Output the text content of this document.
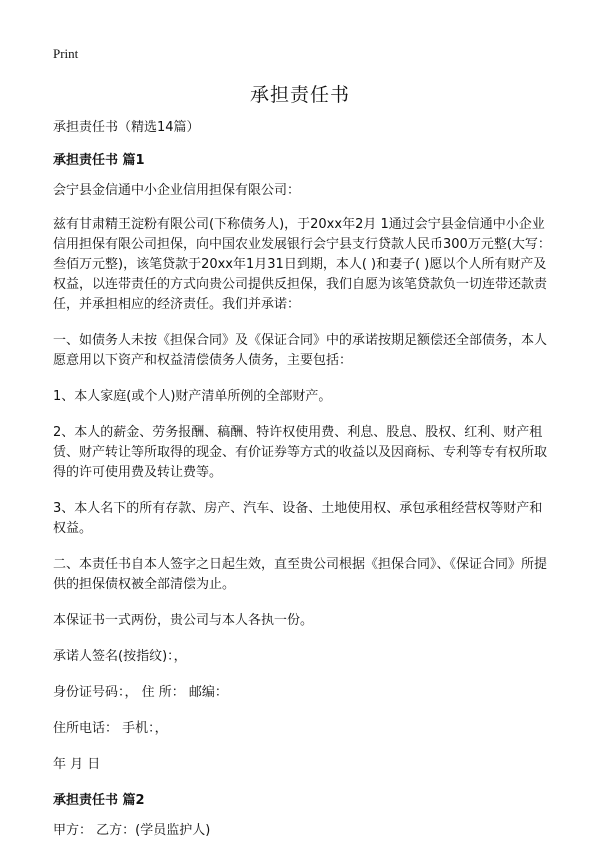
Print
承担责任书

承担责任书（精选14篇）

承担责任书 篇1

会宁县金信通中小企业信用担保有限公司：

兹有甘肃精王淀粉有限公司(下称债务人)，于20xx年2月 1通过会宁县金信通中小企业信用担保有限公司担保，向中国农业发展银行会宁县支行贷款人民币300万元整(大写：叁佰万元整)，该笔贷款于20xx年1月31日到期，本人( )和妻子( )愿以个人所有财产及权益，以连带责任的方式向贵公司提供反担保，我们自愿为该笔贷款负一切连带还款责任，并承担相应的经济责任。我们并承诺：

一、如债务人未按《担保合同》及《保证合同》中的承诺按期足额偿还全部债务，本人愿意用以下资产和权益清偿债务人债务，主要包括：

1、本人家庭(或个人)财产清单所例的全部财产。

2、本人的薪金、劳务报酬、稿酬、特许权使用费、利息、股息、股权、红利、财产租赁、财产转让等所取得的现金、有价证券等方式的收益以及因商标、专利等专有权所取得的许可使用费及转让费等。

3、本人名下的所有存款、房产、汽车、设备、土地使用权、承包承租经营权等财产和权益。

二、本责任书自本人签字之日起生效，直至贵公司根据《担保合同》、《保证合同》所提供的担保债权被全部清偿为止。

本保证书一式两份，贵公司与本人各执一份。

承诺人签名(按指纹)：，

身份证号码：， 住 所： 邮编：

住所电话： 手机：，

年 月 日

承担责任书 篇2

甲方： 乙方：(学员监护人)
